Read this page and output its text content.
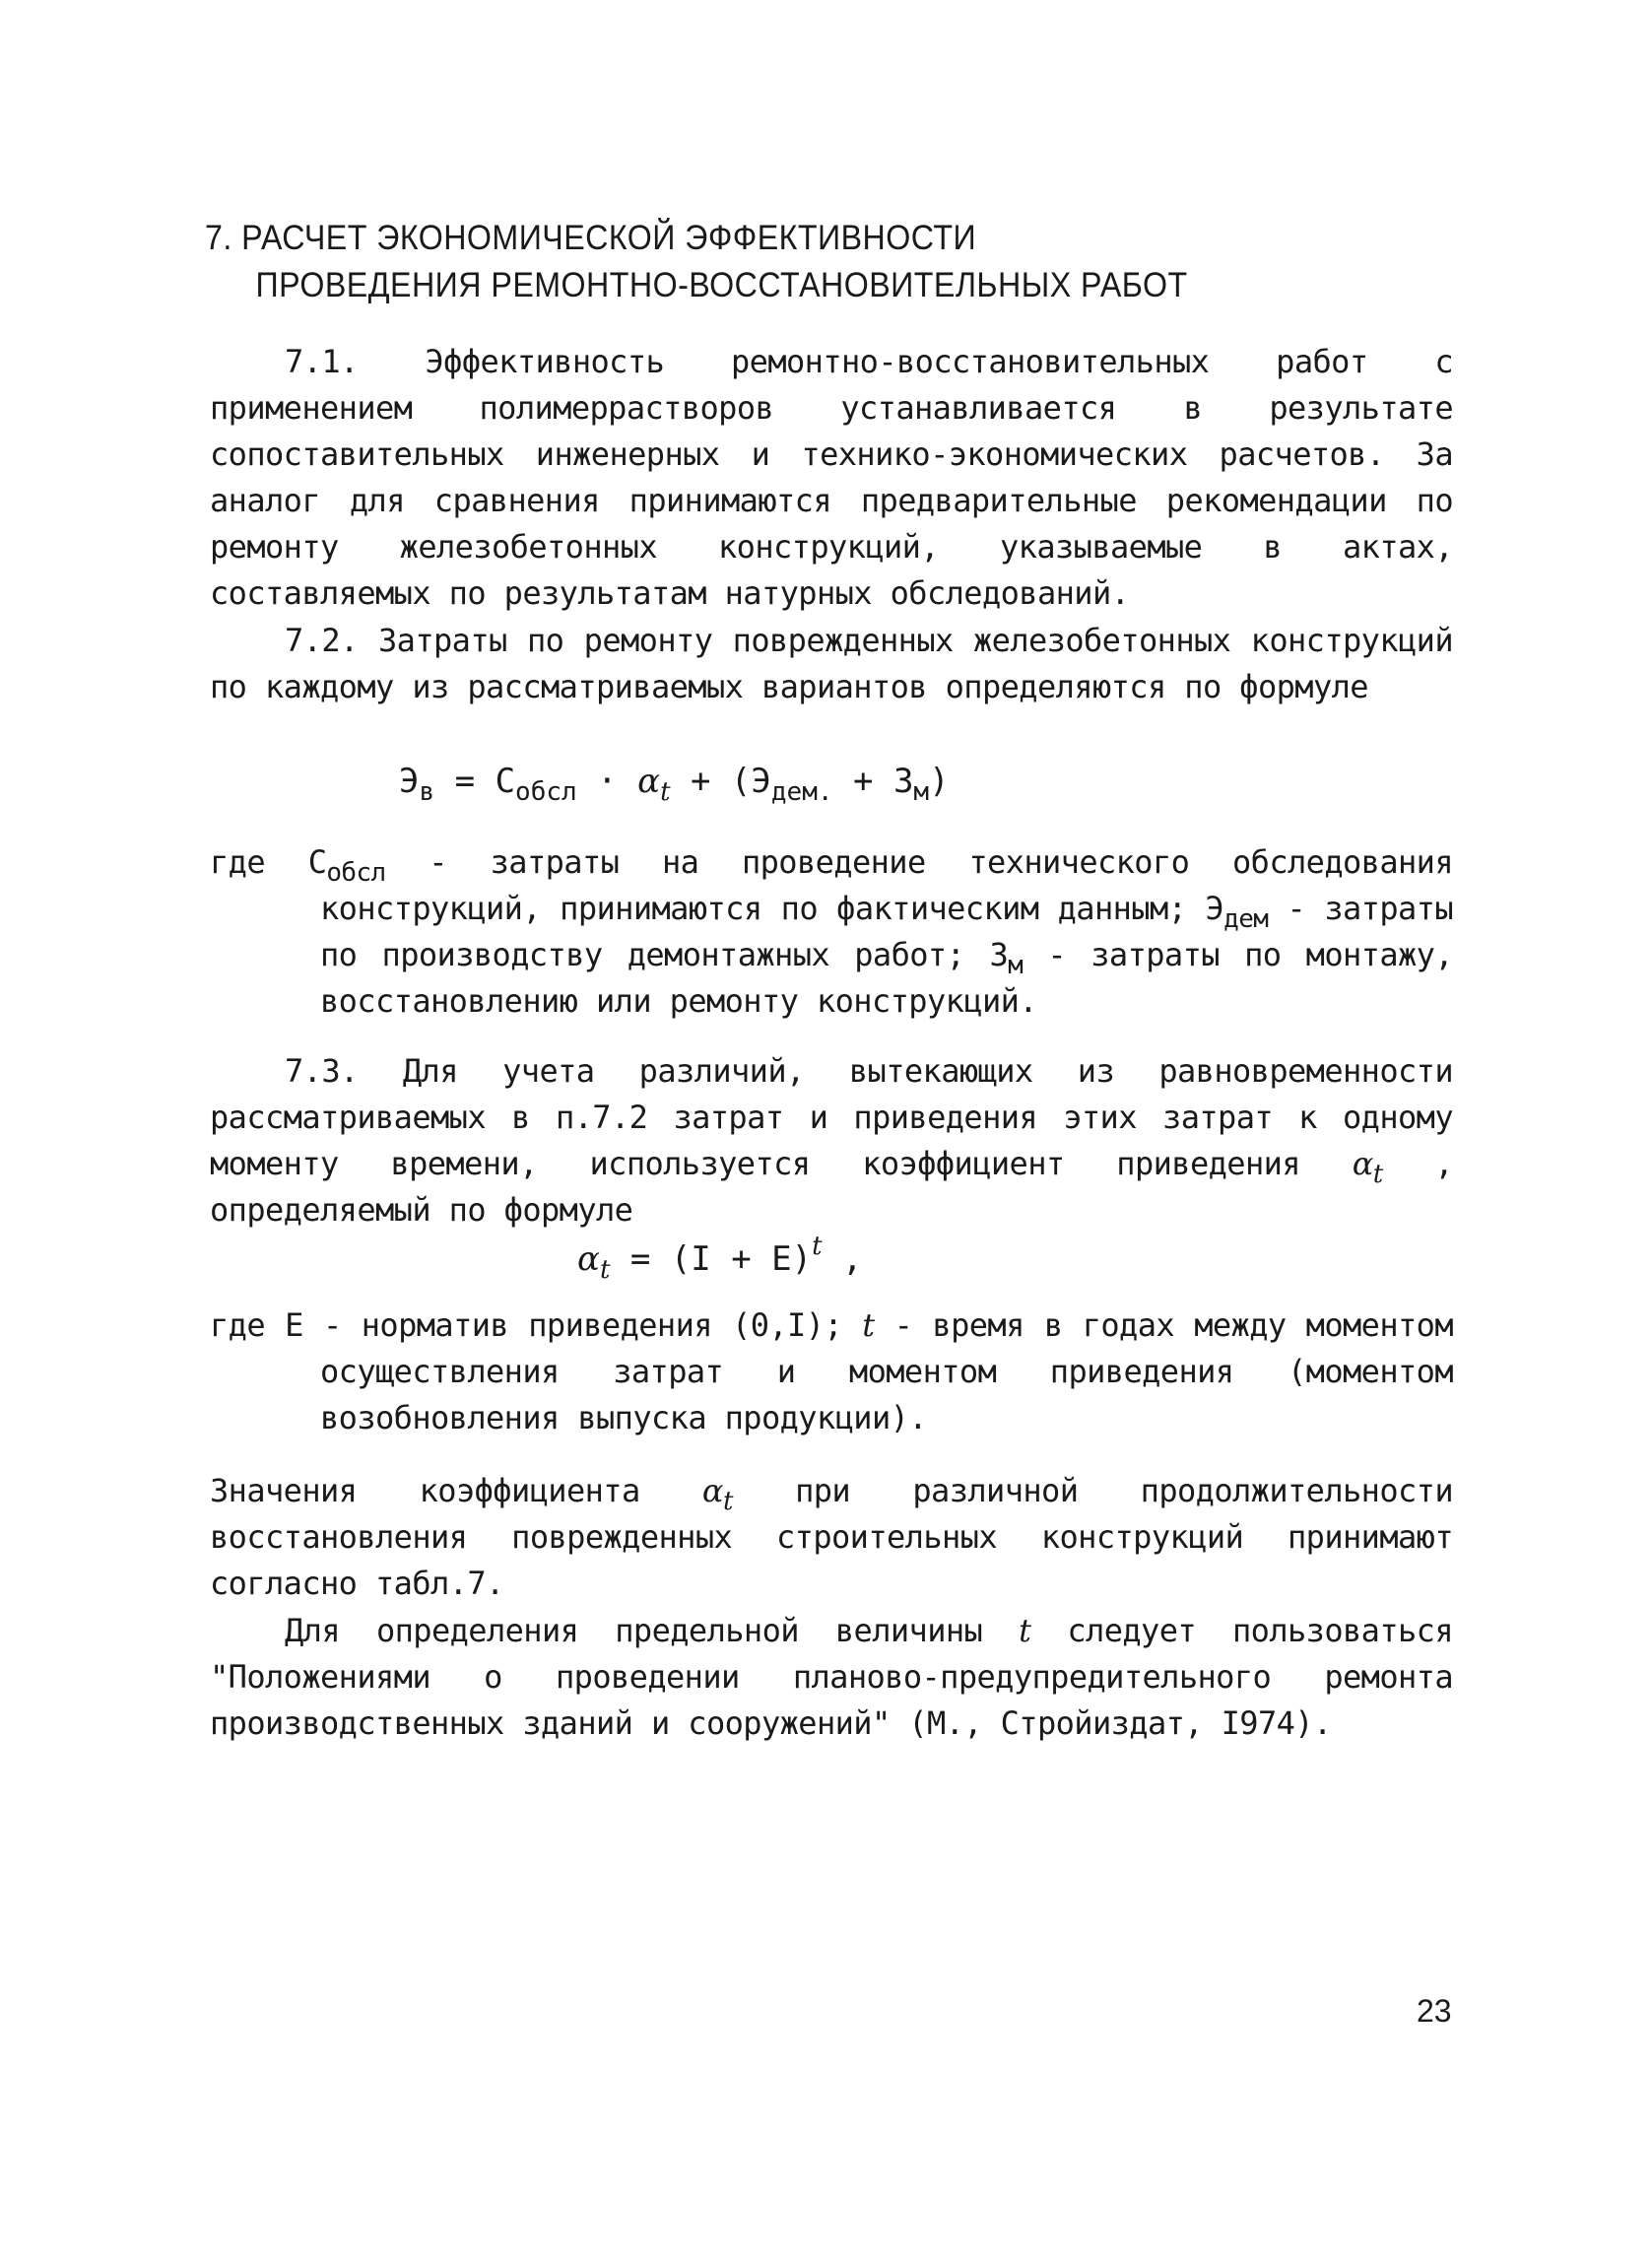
7. РАСЧЕТ ЭКОНОМИЧЕСКОЙ ЭФФЕКТИВНОСТИ
ПРОВЕДЕНИЯ РЕМОНТНО-ВОССТАНОВИТЕЛЬНЫХ РАБОТ

7.1. Эффективность ремонтно-восстановительных работ с применением полимеррастворов устанавливается в результате сопоставительных инженерных и технико-экономических расчетов. За аналог для сравнения принимаются предварительные рекомендации по ремонту железобетонных конструкций, указываемые в актах, составляемых по результатам натурных обследований.

7.2. Затраты по ремонту поврежденных железобетонных конструкций по каждому из рассматриваемых вариантов определяются по формуле

$Э_в = С_{обсл} \cdot \alpha_t + (Э_{дем.} + З_м)$

где $С_{обсл}$ - затраты на проведение технического обследования конструкций, принимаются по фактическим данным; $Э_{дем}$ - затраты по производству демонтажных работ; $З_м$ - затраты по монтажу, восстановлению или ремонту конструкций.

7.3. Для учета различий, вытекающих из равновременности рассматриваемых в п.7.2 затрат и приведения этих затрат к одному моменту времени, используется коэффициент приведения $\alpha_t$ , определяемый по формуле

$\alpha_t = (I + E)^t$ ,

где E - норматив приведения (0,I); t - время в годах между моментом осуществления затрат и моментом приведения (моментом возобновления выпуска продукции).

Значения коэффициента $\alpha_t$ при различной продолжительности восстановления поврежденных строительных конструкций принимают согласно табл.7.

Для определения предельной величины t следует пользоваться "Положениями о проведении планово-предупредительного ремонта производственных зданий и сооружений" (М., Стройиздат, I974).

23
